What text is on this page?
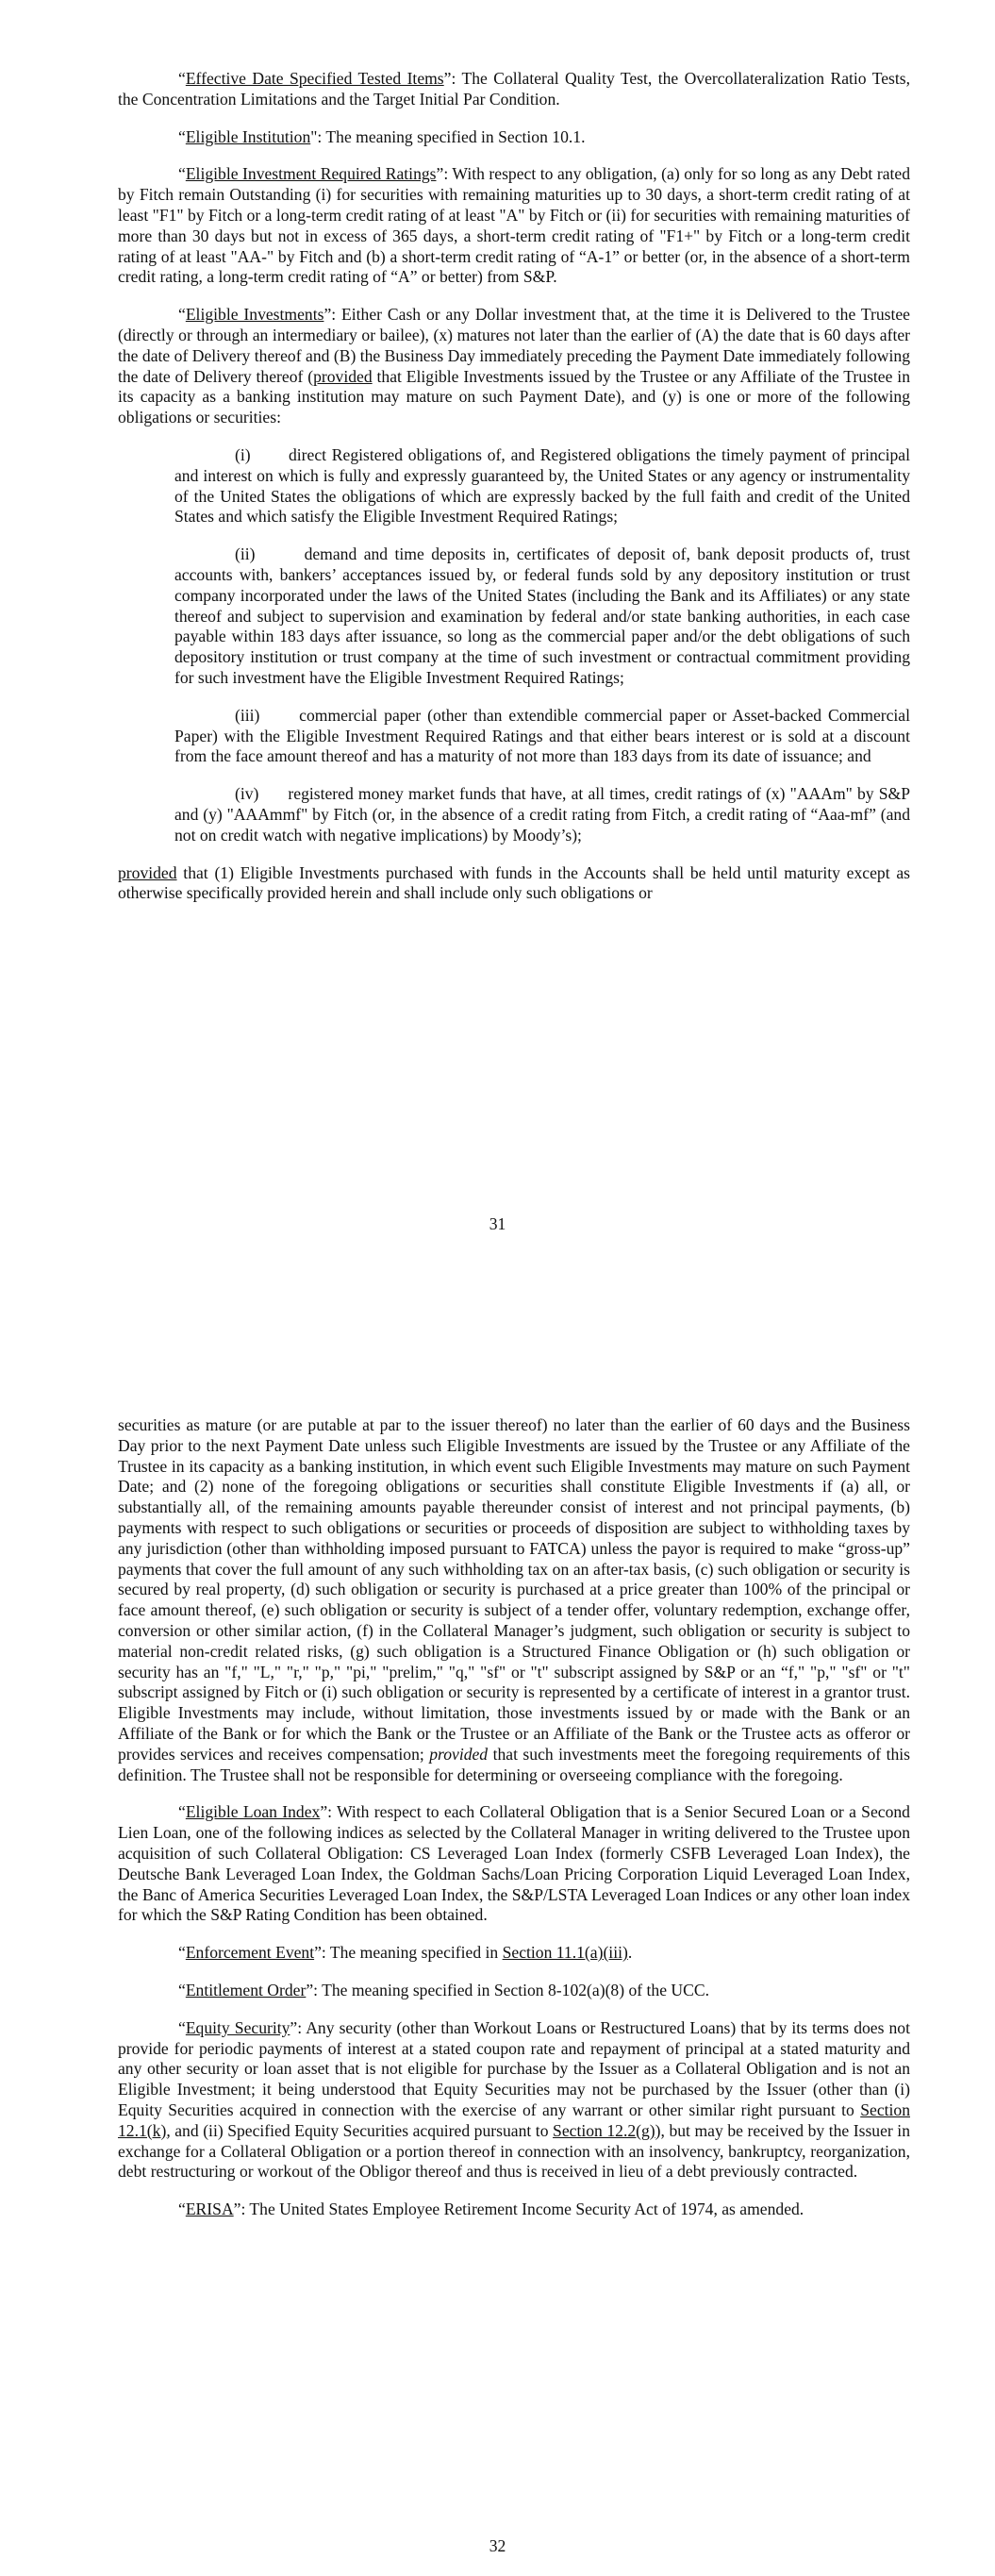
“Effective Date Specified Tested Items”: The Collateral Quality Test, the Overcollateralization Ratio Tests, the Concentration Limitations and the Target Initial Par Condition.

“Eligible Institution": The meaning specified in Section 10.1.

“Eligible Investment Required Ratings”: With respect to any obligation, (a) only for so long as any Debt rated by Fitch remain Outstanding (i) for securities with remaining maturities up to 30 days, a short-term credit rating of at least "F1" by Fitch or a long-term credit rating of at least "A" by Fitch or (ii) for securities with remaining maturities of more than 30 days but not in excess of 365 days, a short-term credit rating of "F1+" by Fitch or a long-term credit rating of at least "AA-" by Fitch and (b) a short-term credit rating of “A-1” or better (or, in the absence of a short-term credit rating, a long-term credit rating of “A” or better) from S&P.

“Eligible Investments”: Either Cash or any Dollar investment that, at the time it is Delivered to the Trustee (directly or through an intermediary or bailee), (x) matures not later than the earlier of (A) the date that is 60 days after the date of Delivery thereof and (B) the Business Day immediately preceding the Payment Date immediately following the date of Delivery thereof (provided that Eligible Investments issued by the Trustee or any Affiliate of the Trustee in its capacity as a banking institution may mature on such Payment Date), and (y) is one or more of the following obligations or securities:

(i) direct Registered obligations of, and Registered obligations the timely payment of principal and interest on which is fully and expressly guaranteed by, the United States or any agency or instrumentality of the United States the obligations of which are expressly backed by the full faith and credit of the United States and which satisfy the Eligible Investment Required Ratings;

(ii)	demand and time deposits in, certificates of deposit of, bank deposit products of, trust accounts with, bankers’ acceptances issued by, or federal funds sold by any depository institution or trust company incorporated under the laws of the United States (including the Bank and its Affiliates) or any state thereof and subject to supervision and examination by federal and/or state banking authorities, in each case payable within 183 days after issuance, so long as the commercial paper and/or the debt obligations of such depository institution or trust company at the time of such investment or contractual commitment providing for such investment have the Eligible Investment Required Ratings;

(iii) commercial paper (other than extendible commercial paper or Asset-backed Commercial Paper) with the Eligible Investment Required Ratings and that either bears interest or is sold at a discount from the face amount thereof and has a maturity of not more than 183 days from its date of issuance; and

(iv) registered money market funds that have, at all times, credit ratings of (x) "AAAm" by S&P and (y) "AAAmmf" by Fitch (or, in the absence of a credit rating from Fitch, a credit rating of “Aaa-mf” (and not on credit watch with negative implications) by Moody’s);

provided that (1) Eligible Investments purchased with funds in the Accounts shall be held until maturity except as otherwise specifically provided herein and shall include only such obligations or

31

securities as mature (or are putable at par to the issuer thereof) no later than the earlier of 60 days and the Business Day prior to the next Payment Date unless such Eligible Investments are issued by the Trustee or any Affiliate of the Trustee in its capacity as a banking institution, in which event such Eligible Investments may mature on such Payment Date; and (2) none of the foregoing obligations or securities shall constitute Eligible Investments if (a) all, or substantially all, of the remaining amounts payable thereunder consist of interest and not principal payments, (b) payments with respect to such obligations or securities or proceeds of disposition are subject to withholding taxes by any jurisdiction (other than withholding imposed pursuant to FATCA) unless the payor is required to make “gross-up” payments that cover the full amount of any such withholding tax on an after-tax basis, (c) such obligation or security is secured by real property, (d) such obligation or security is purchased at a price greater than 100% of the principal or face amount thereof, (e) such obligation or security is subject of a tender offer, voluntary redemption, exchange offer, conversion or other similar action, (f) in the Collateral Manager’s judgment, such obligation or security is subject to material non-credit related risks, (g) such obligation is a Structured Finance Obligation or (h) such obligation or security has an "f," "L," "r," "p," "pi," "prelim," "q," "sf" or "t" subscript assigned by S&P or an “f," "p," "sf" or "t" subscript assigned by Fitch or (i) such obligation or security is represented by a certificate of interest in a grantor trust. Eligible Investments may include, without limitation, those investments issued by or made with the Bank or an Affiliate of the Bank or for which the Bank or the Trustee or an Affiliate of the Bank or the Trustee acts as offeror or provides services and receives compensation; provided that such investments meet the foregoing requirements of this definition. The Trustee shall not be responsible for determining or overseeing compliance with the foregoing.

“Eligible Loan Index”: With respect to each Collateral Obligation that is a Senior Secured Loan or a Second Lien Loan, one of the following indices as selected by the Collateral Manager in writing delivered to the Trustee upon acquisition of such Collateral Obligation: CS Leveraged Loan Index (formerly CSFB Leveraged Loan Index), the Deutsche Bank Leveraged Loan Index, the Goldman Sachs/Loan Pricing Corporation Liquid Leveraged Loan Index, the Banc of America Securities Leveraged Loan Index, the S&P/LSTA Leveraged Loan Indices or any other loan index for which the S&P Rating Condition has been obtained.

“Enforcement Event”: The meaning specified in Section 11.1(a)(iii).

“Entitlement Order”: The meaning specified in Section 8-102(a)(8) of the UCC.

“Equity Security”: Any security (other than Workout Loans or Restructured Loans) that by its terms does not provide for periodic payments of interest at a stated coupon rate and repayment of principal at a stated maturity and any other security or loan asset that is not eligible for purchase by the Issuer as a Collateral Obligation and is not an Eligible Investment; it being understood that Equity Securities may not be purchased by the Issuer (other than (i) Equity Securities acquired in connection with the exercise of any warrant or other similar right pursuant to Section 12.1(k), and (ii) Specified Equity Securities acquired pursuant to Section 12.2(g)), but may be received by the Issuer in exchange for a Collateral Obligation or a portion thereof in connection with an insolvency, bankruptcy, reorganization, debt restructuring or workout of the Obligor thereof and thus is received in lieu of a debt previously contracted.

“ERISA”: The United States Employee Retirement Income Security Act of 1974, as amended.

32
